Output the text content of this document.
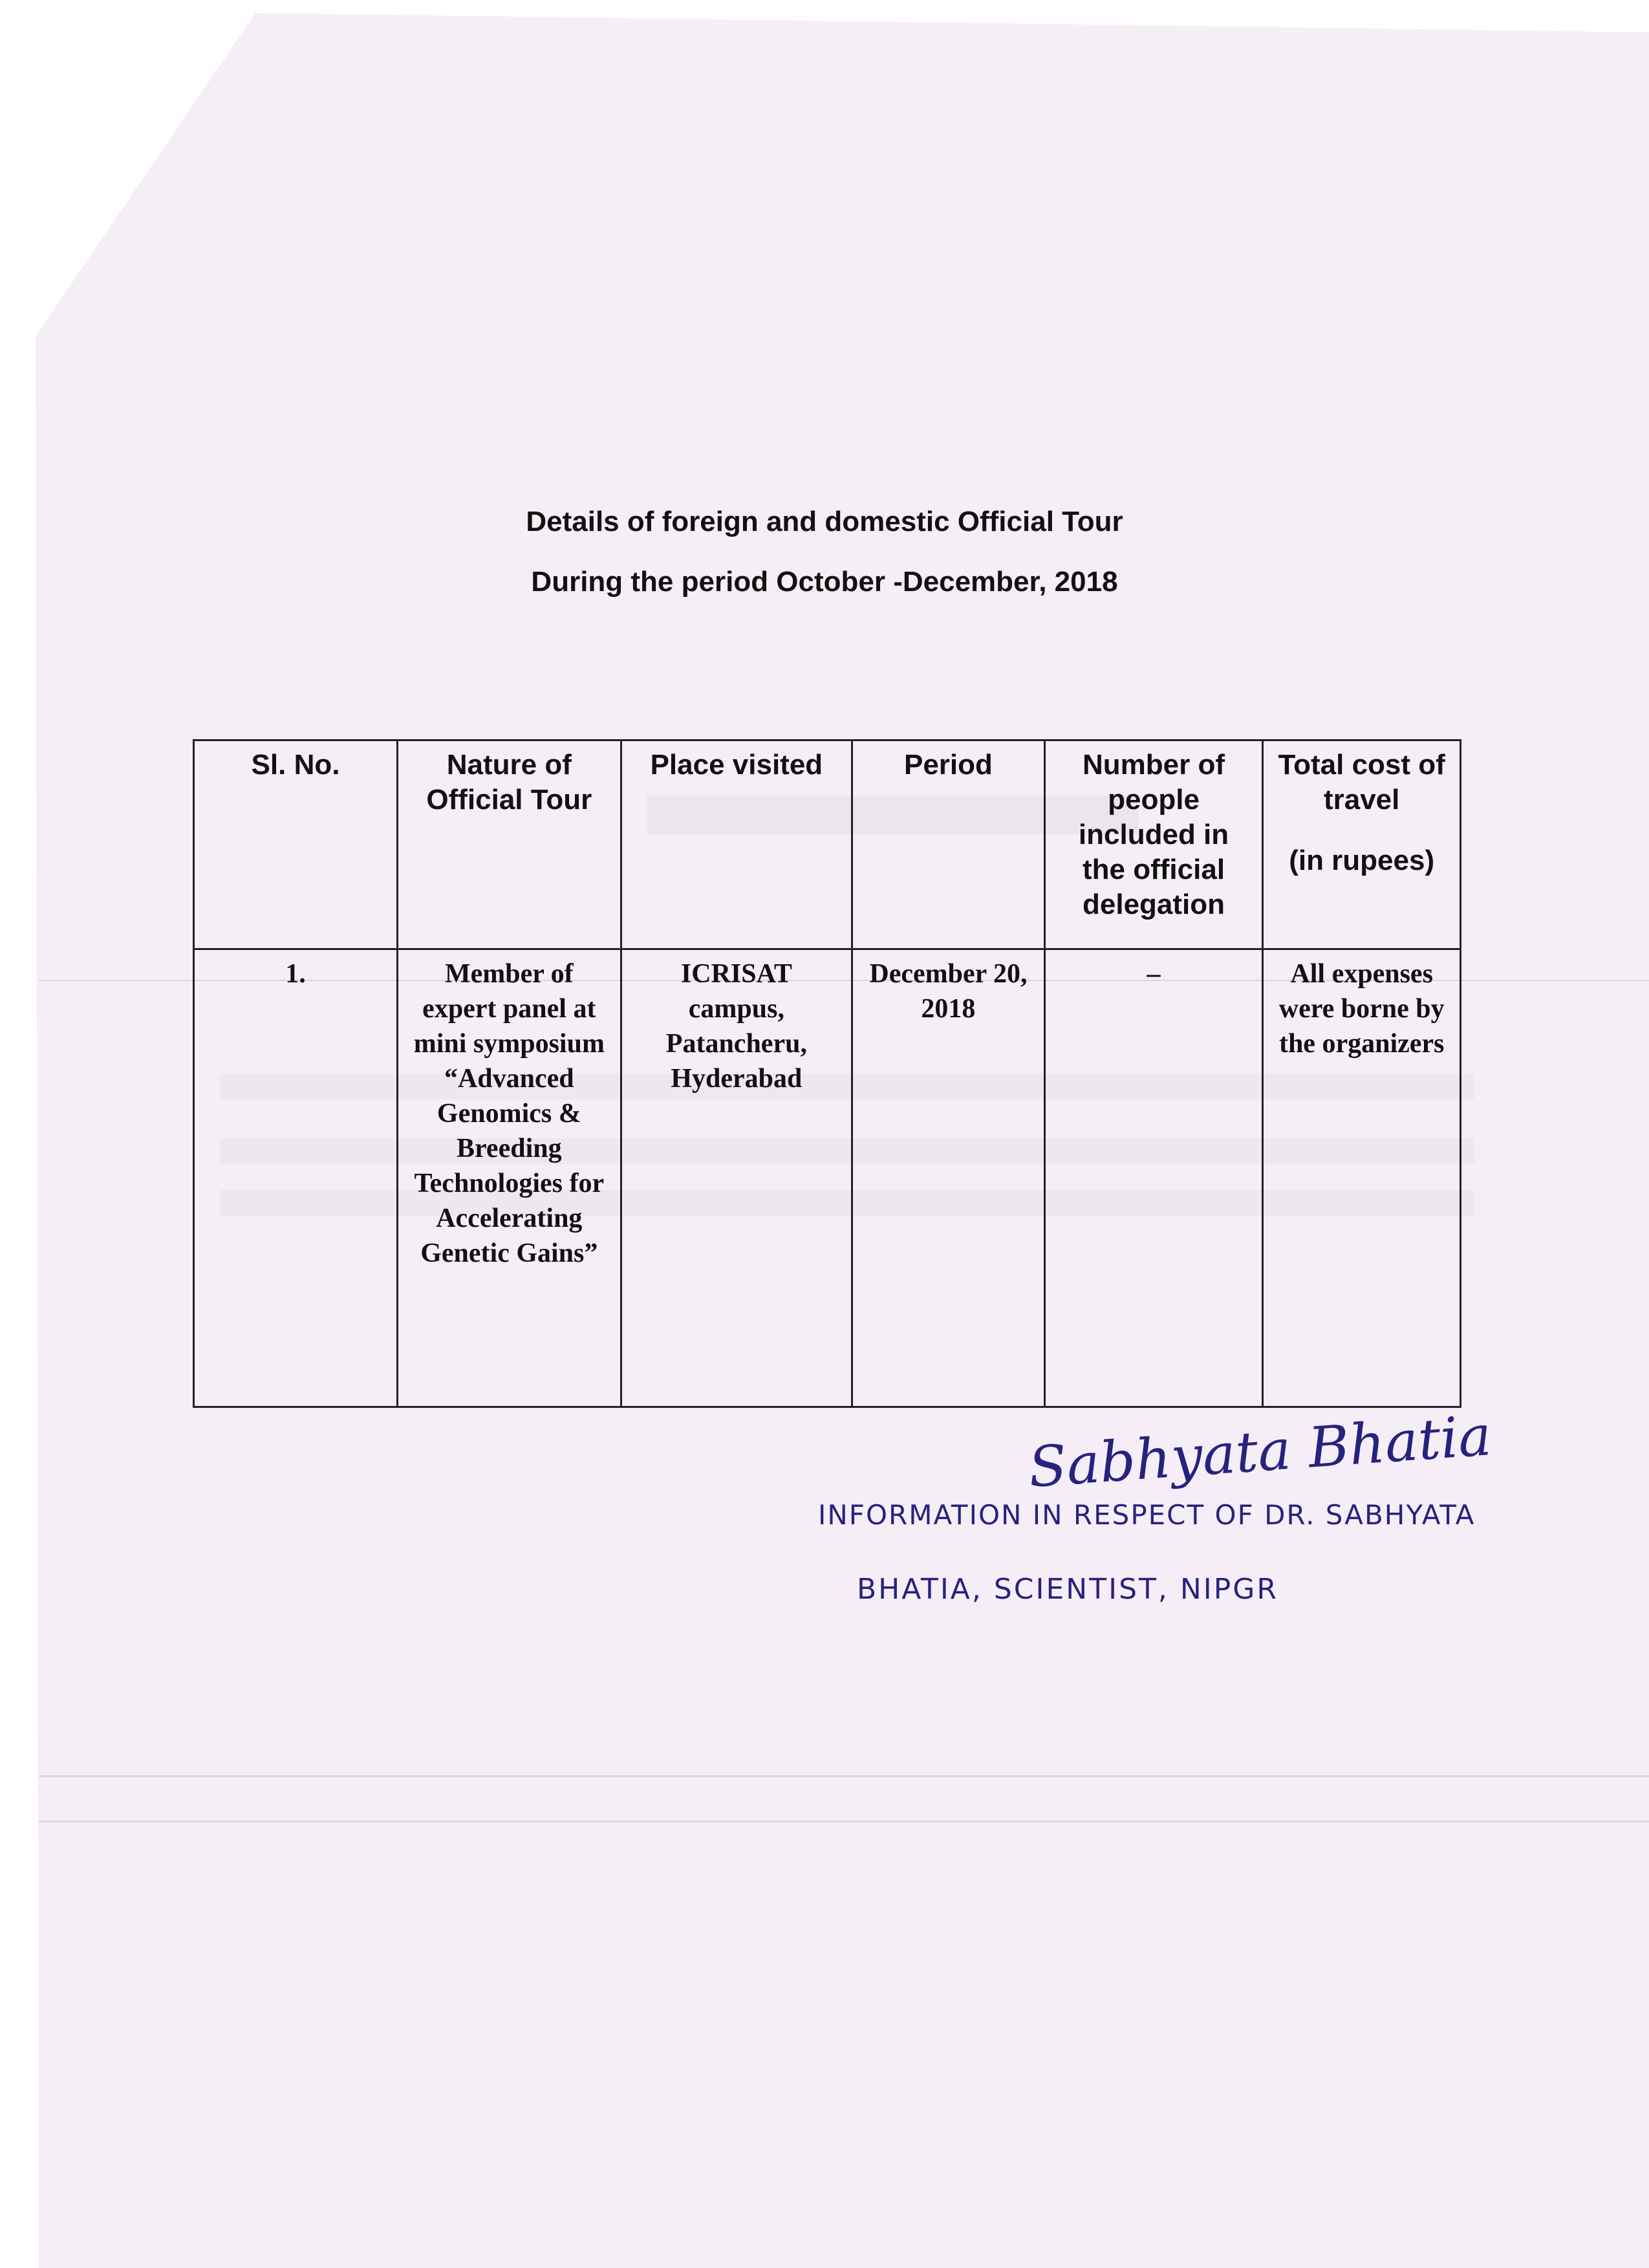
Details of foreign and domestic Official Tour
During the period October -December, 2018
Sl. No.	Nature of Official Tour	Place visited	Period	Number of people included in the official delegation	Total cost of travel
(in rupees)

1.	Member of expert panel at mini symposium “Advanced Genomics & Breeding Technologies for Accelerating Genetic Gains”	ICRISAT campus, Patancheru, Hyderabad	December 20, 2018	–	All expenses were borne by the organizers
Sabhyata Bhatia
INFORMATION IN RESPECT OF DR. SABHYATA
BHATIA, SCIENTIST, NIPGR
